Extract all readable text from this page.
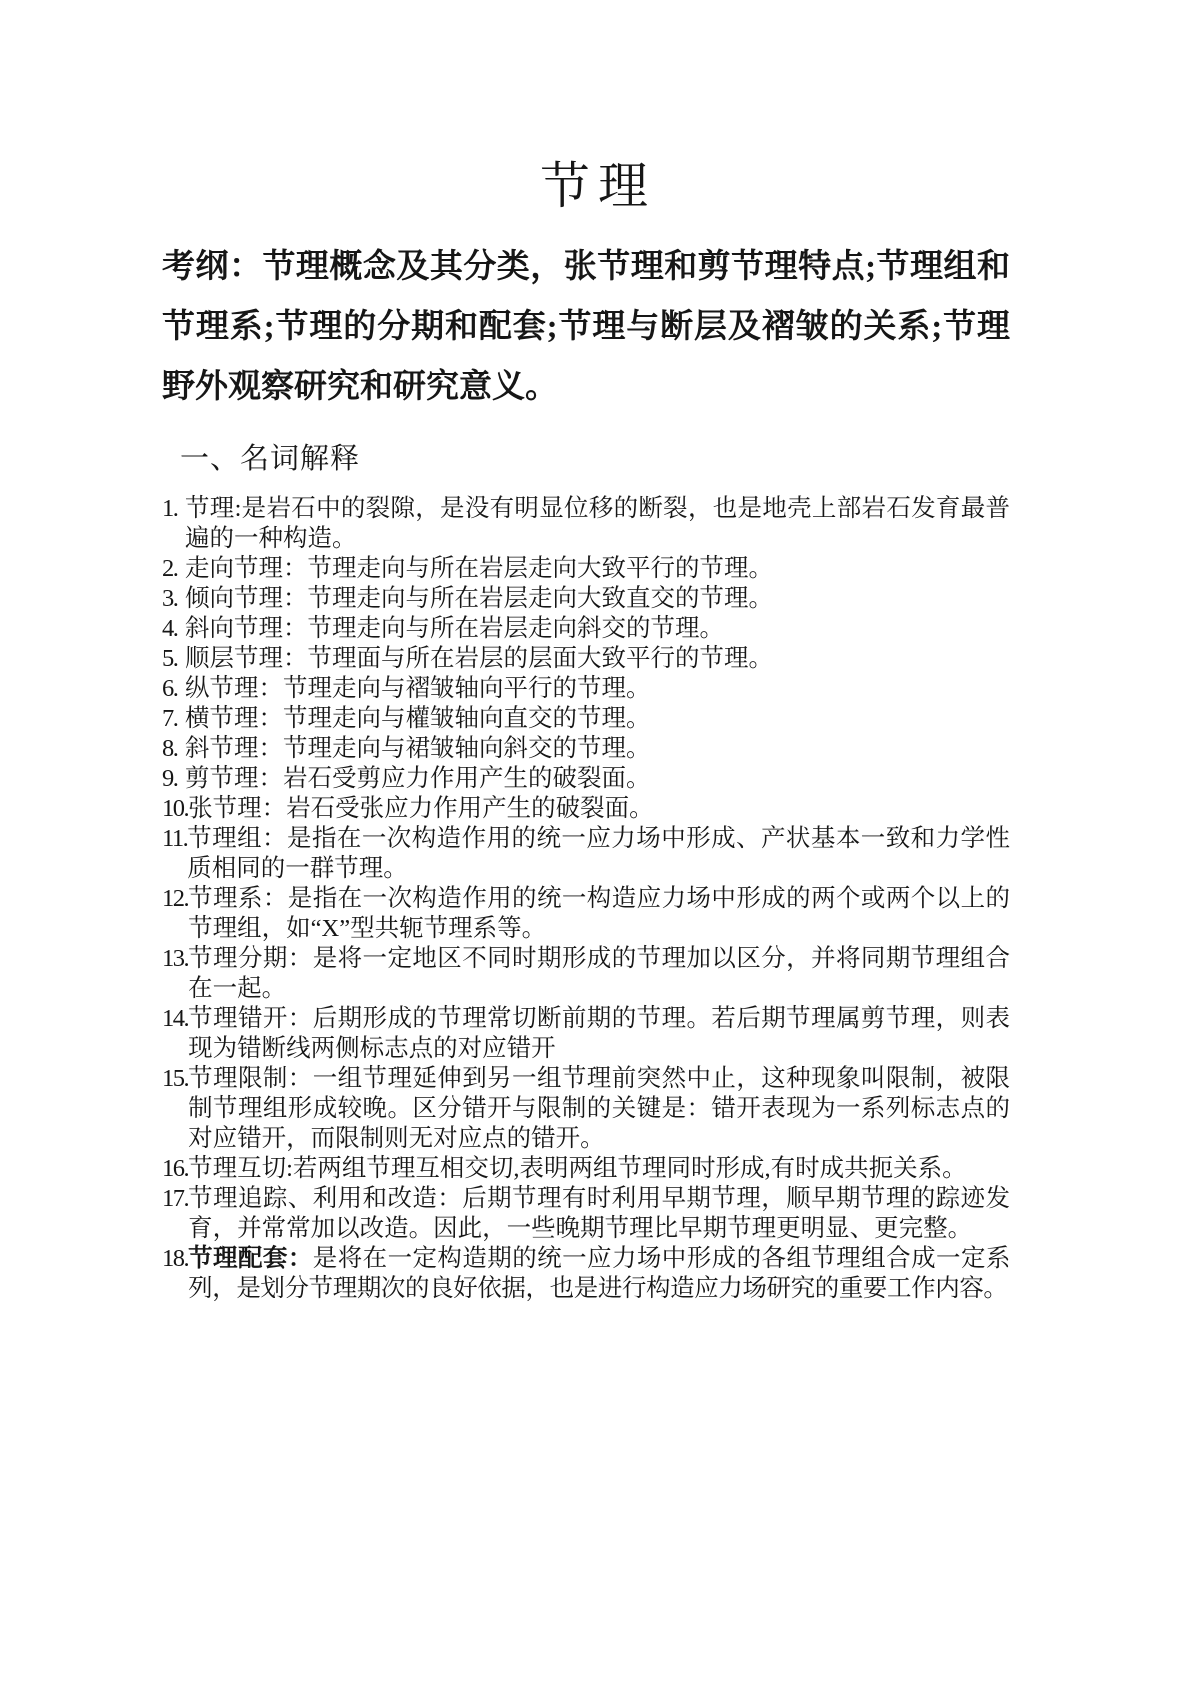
节理

考纲：节理概念及其分类，张节理和剪节理特点;节理组和节理系;节理的分期和配套;节理与断层及褶皱的关系;节理野外观察研究和研究意义。

一、名词解释
1. 节理:是岩石中的裂隙，是没有明显位移的断裂，也是地壳上部岩石发育最普遍的一种构造。
2. 走向节理：节理走向与所在岩层走向大致平行的节理。
3. 倾向节理：节理走向与所在岩层走向大致直交的节理。
4. 斜向节理：节理走向与所在岩层走向斜交的节理。
5. 顺层节理：节理面与所在岩层的层面大致平行的节理。
6. 纵节理：节理走向与褶皱轴向平行的节理。
7. 横节理：节理走向与權皱轴向直交的节理。
8. 斜节理：节理走向与裙皱轴向斜交的节理。
9. 剪节理：岩石受剪应力作用产生的破裂面。
10. 张节理：岩石受张应力作用产生的破裂面。
11. 节理组：是指在一次构造作用的统一应力场中形成、产状基本一致和力学性质相同的一群节理。
12. 节理系：是指在一次构造作用的统一构造应力场中形成的两个或两个以上的节理组，如“X”型共轭节理系等。
13. 节理分期：是将一定地区不同时期形成的节理加以区分，并将同期节理组合在一起。
14. 节理错开：后期形成的节理常切断前期的节理。若后期节理属剪节理，则表现为错断线两侧标志点的对应错开
15. 节理限制：一组节理延伸到另一组节理前突然中止，这种现象叫限制，被限制节理组形成较晚。区分错开与限制的关键是：错开表现为一系列标志点的对应错开，而限制则无对应点的错开。
16. 节理互切:若两组节理互相交切,表明两组节理同时形成,有时成共扼关系。
17. 节理追踪、利用和改造：后期节理有时利用早期节理，顺早期节理的踪迹发育，并常常加以改造。因此，一些晚期节理比早期节理更明显、更完整。
18. 节理配套：是将在一定构造期的统一应力场中形成的各组节理组合成一定系列，是划分节理期次的良好依据，也是进行构造应力场研究的重要工作内容。
